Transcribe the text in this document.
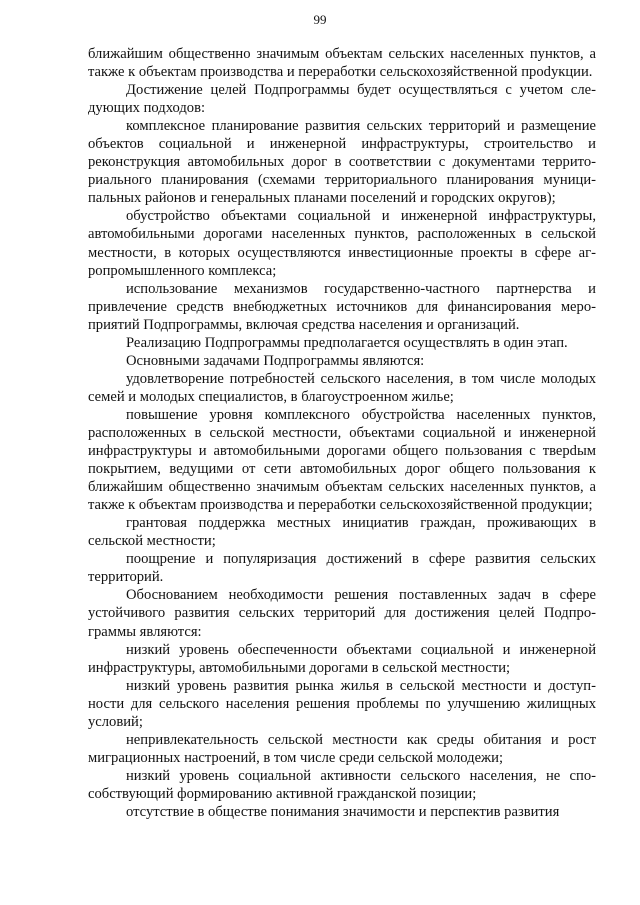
99

ближайшим общественно значимым объектам сельских населенных пунктов, а также к объектам производства и переработки сельскохозяйственной проdукции.

Достижение целей Подпрограммы будет осуществляться с учетом следующих подходов:

комплексное планирование развития сельских территорий и размещение объектов социальной и инженерной инфраструктуры, строительство и реконструкция автомобильных дорог в соответствии с документами территориального планирования (схемами территориального планирования муниципальных районов и генеральных планами поселений и городских округов);

обустройство объектами социальной и инженерной инфраструктуры, автомобильными дорогами населенных пунктов, расположенных в сельской местности, в которых осуществляются инвестиционные проекты в сфере агропромышленного комплекса;

использование механизмов государственно-частного партнерства и привлечение средств внебюджетных источников для финансирования мероприятий Подпрограммы, включая средства населения и организаций.

Реализацию Подпрограммы предполагается осуществлять в один этап.

Основными задачами Подпрограммы являются:

удовлетворение потребностей сельского населения, в том числе молодых семей и молодых специалистов, в благоустроенном жилье;

повышение уровня комплексного обустройства населенных пунктов, расположенных в сельской местности, объектами социальной и инженерной инфраструктуры и автомобильными дорогами общего пользования с тверdым покрытием, ведущими от сети автомобильных дорог общего пользования к ближайшим общественно значимым объектам сельских населенных пунктов, а также к объектам производства и переработки сельскохозяйственной продукции;

грантовая поддержка местных инициатив граждан, проживающих в сельской местности;

поощрение и популяризация достижений в сфере развития сельских территорий.

Обоснованием необходимости решения поставленных задач в сфере устойчивого развития сельских территорий для достижения целей Подпрограммы являются:

низкий уровень обеспеченности объектами социальной и инженерной инфраструктуры, автомобильными дорогами в сельской местности;

низкий уровень развития рынка жилья в сельской местности и доступности для сельского населения решения проблемы по улучшению жилищных условий;

непривлекательность сельской местности как среды обитания и рост миграционных настроений, в том числе среди сельской молодежи;

низкий уровень социальной активности сельского населения, не способствующий формированию активной гражданской позиции;

отсутствие в обществе понимания значимости и перспектив развития
